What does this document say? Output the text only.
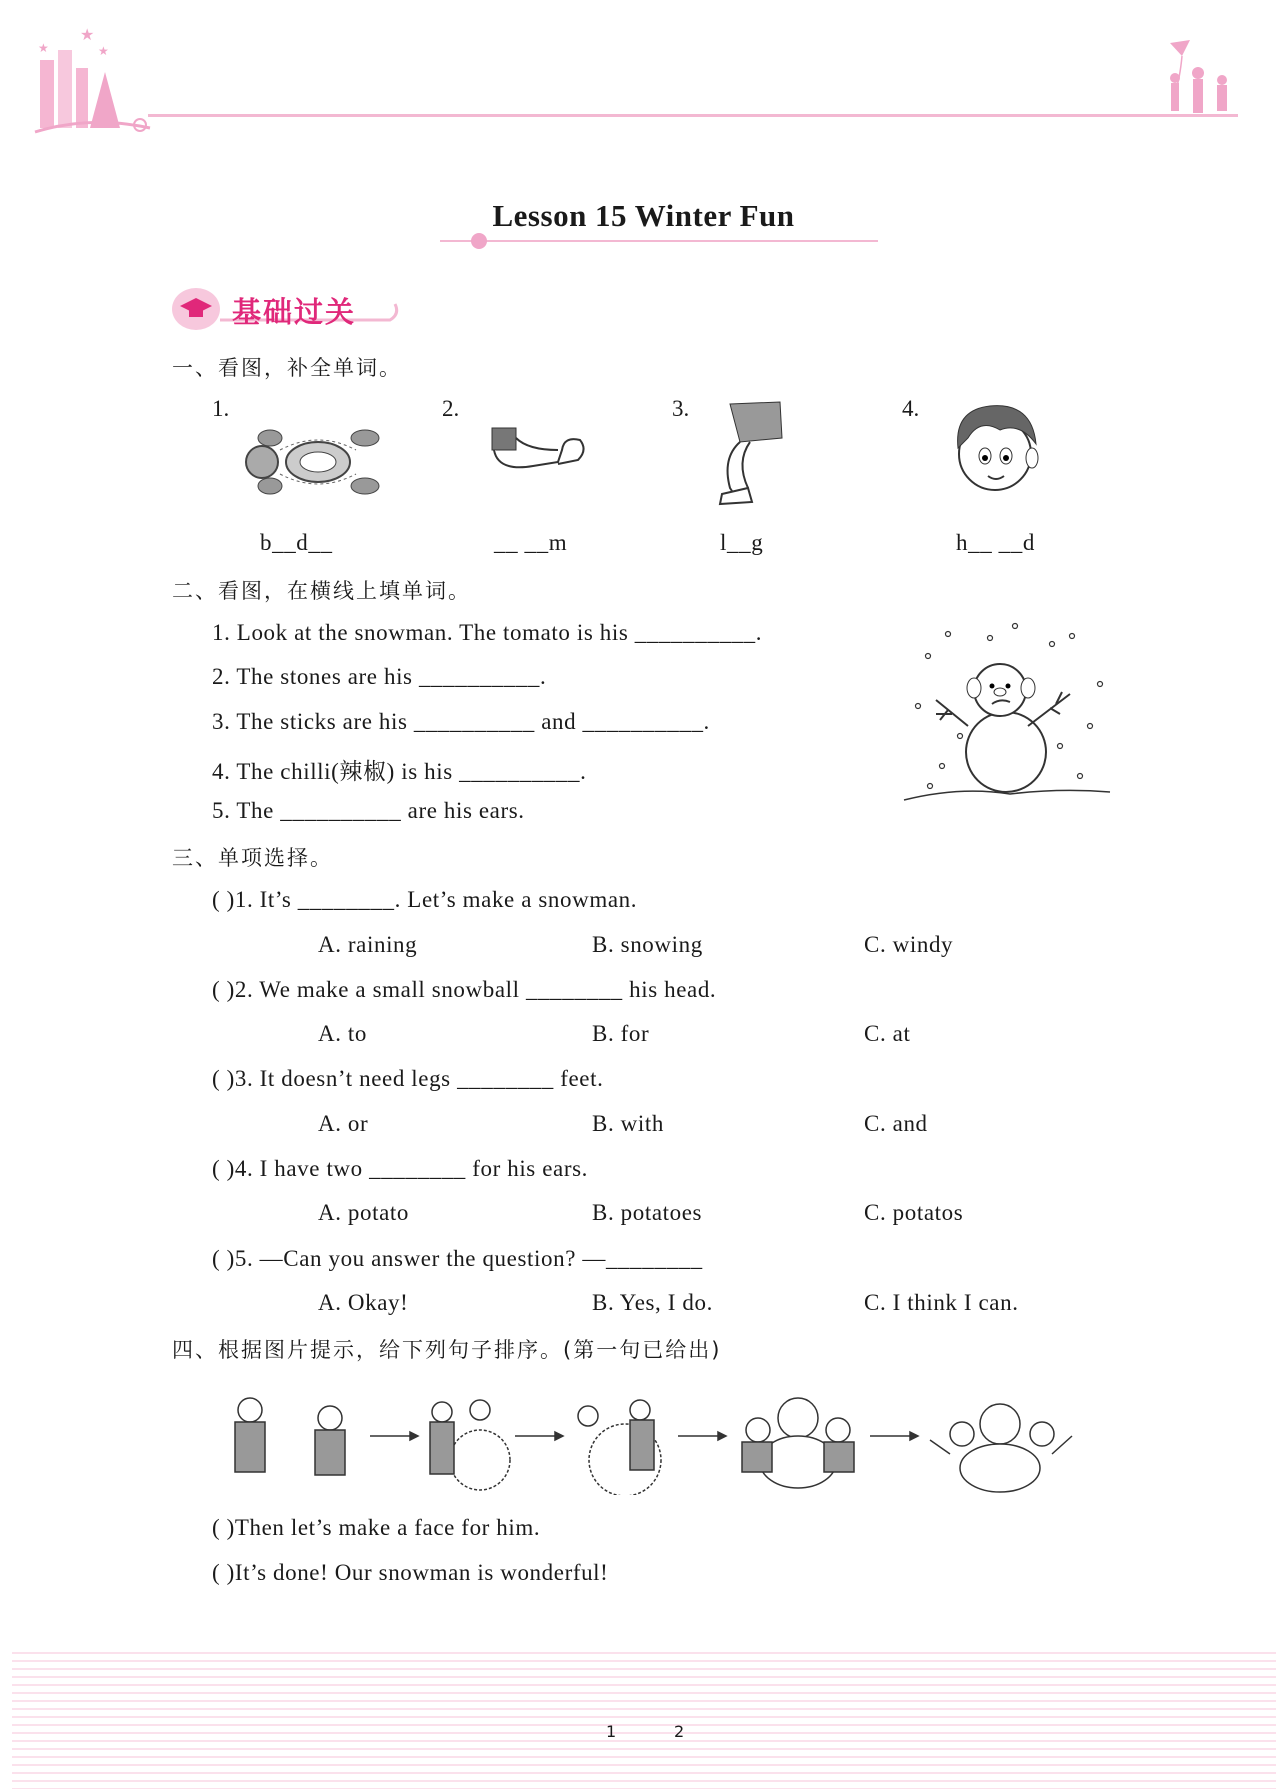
★
★	★
Lesson 15 Winter Fun
基础过关
一、看图，补全单词。
1.
b__d__
2.
__ __m
3.
l__g
4.
h__ __d
二、看图，在横线上填单词。
1. Look at the snowman. The tomato is his __________.
2. The stones are his __________.
3. The sticks are his __________ and __________.
4. The chilli(辣椒) is his __________.
5. The __________ are his ears.
三、单项选择。
( )1. It’s ________. Let’s make a snowman.
A. raining	B. snowing	C. windy
( )2. We make a small snowball ________ his head.
A. to	B. for	C. at
( )3. It doesn’t need legs ________ feet.
A. or	B. with	C. and
( )4. I have two ________ for his ears.
A. potato	B. potatoes	C. potatos
( )5. —Can you answer the question? —________
A. Okay!	B. Yes, I do.	C. I think I can.
四、根据图片提示，给下列句子排序。(第一句已给出)
( )Then let’s make a face for him.
( )It’s done! Our snowman is wonderful!
1	2
